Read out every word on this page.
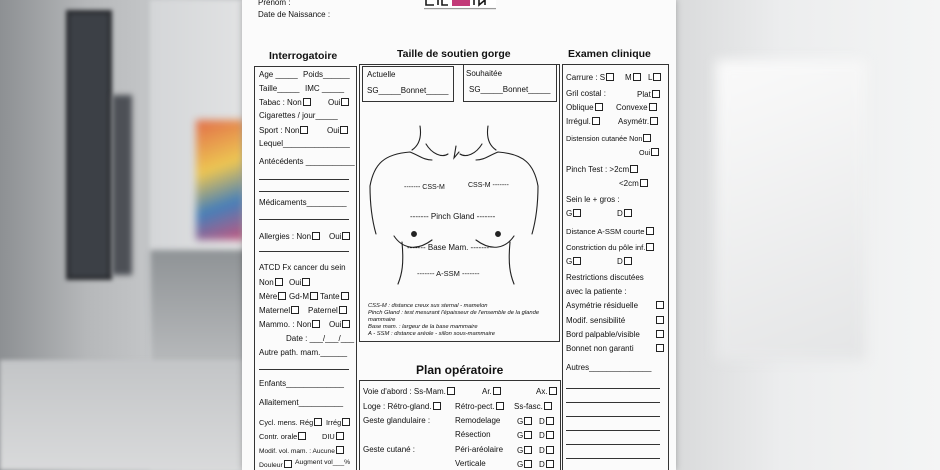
Prénom :
Date de Naissance :
Interrogatoire	Taille de soutien gorge	Examen clinique
Age _____ Poids______
Taille_____ IMC _____
Tabac : Non	Oui
Cigarettes / jour_____
Sport : Non	Oui
Lequel_______________
Antécédents ___________
Médicaments_________
Allergies : Non	Oui
ATCD Fx cancer du sein
Non	Oui
Mère	Gd-M	Tante
Maternel	Paternel
Mammo. : Non	Oui
Date : ___/___/___
Autre path. mam.______
Enfants_____________
Allaitement__________
Cycl. mens. Rég	Irrég
Contr. orale	DIU
Modif. vol. mam. : Aucune
Douleur	Augment vol___%
Actuelle
SG_____Bonnet_____
Souhaitée
SG_____Bonnet_____
------- CSS-M	CSS-M -------
------- Pinch Gland -------
------- Base Mam. -------
------- A-SSM -------
CSS-M : distance creux sus sternal - mamelon
Pinch Gland : test mesurant l'épaisseur de l'ensemble de la glande
mammaire
Base mam. : largeur de la base mammaire
A - SSM : distance aréole - sillon sous-mammaire
Plan opératoire
Voie d'abord : Ss-Mam.	Ar.	Ax.
Loge : Rétro-gland.	Rétro-pect.	Ss-fasc.
Geste glandulaire :	Remodelage G	D
Résection	G	D
Geste cutané :	Péri-aréolaire G	D
Verticale	G	D
Carrure : S	M	L
Gril costal :	Plat
Oblique	Convexe
Irrégul.	Asymétr.
Distension cutanée Non
Oui
Pinch Test : >2cm
<2cm
Sein le + gros :
G	D
Distance A-SSM courte
Constriction du pôle inf.
G	D
Restrictions discutées
avec la patiente :
Asymétrie résiduelle
Modif. sensibilité
Bord palpable/visible
Bonnet non garanti
Autres______________
